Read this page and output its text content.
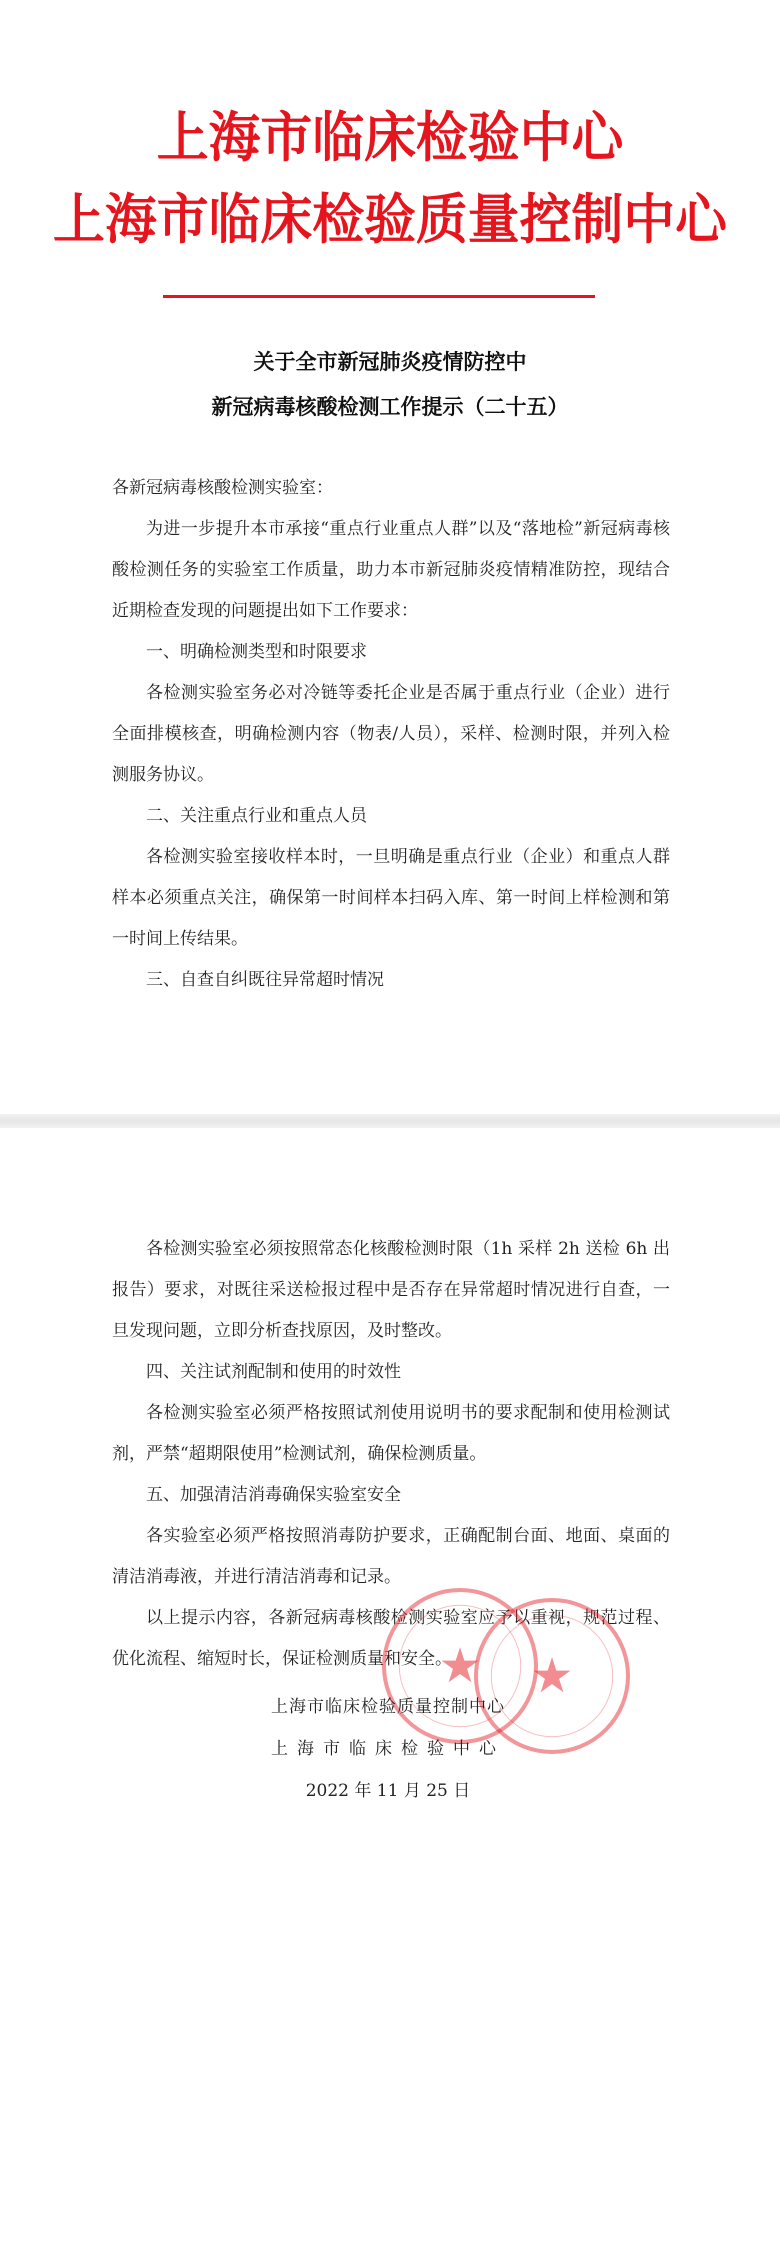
上海市临床检验中心
上海市临床检验质量控制中心
关于全市新冠肺炎疫情防控中
新冠病毒核酸检测工作提示（二十五）

各新冠病毒核酸检测实验室：

为进一步提升本市承接“重点行业重点人群”以及“落地检”新冠病毒核酸检测任务的实验室工作质量，助力本市新冠肺炎疫情精准防控，现结合近期检查发现的问题提出如下工作要求：

一、明确检测类型和时限要求

各检测实验室务必对冷链等委托企业是否属于重点行业（企业）进行全面排模核查，明确检测内容（物表/人员），采样、检测时限，并列入检测服务协议。

二、关注重点行业和重点人员

各检测实验室接收样本时，一旦明确是重点行业（企业）和重点人群样本必须重点关注，确保第一时间样本扫码入库、第一时间上样检测和第一时间上传结果。

三、自查自纠既往异常超时情况

各检测实验室必须按照常态化核酸检测时限（1h 采样 2h 送检 6h 出报告）要求，对既往采送检报过程中是否存在异常超时情况进行自查，一旦发现问题，立即分析查找原因，及时整改。

四、关注试剂配制和使用的时效性

各检测实验室必须严格按照试剂使用说明书的要求配制和使用检测试剂，严禁“超期限使用”检测试剂，确保检测质量。

五、加强清洁消毒确保实验室安全

各实验室必须严格按照消毒防护要求，正确配制台面、地面、桌面的清洁消毒液，并进行清洁消毒和记录。

以上提示内容，各新冠病毒核酸检测实验室应予以重视，规范过程、优化流程、缩短时长，保证检测质量和安全。

★	★
上海市临床检验质量控制中心
上海市临床检验中心
2022 年 11 月 25 日
